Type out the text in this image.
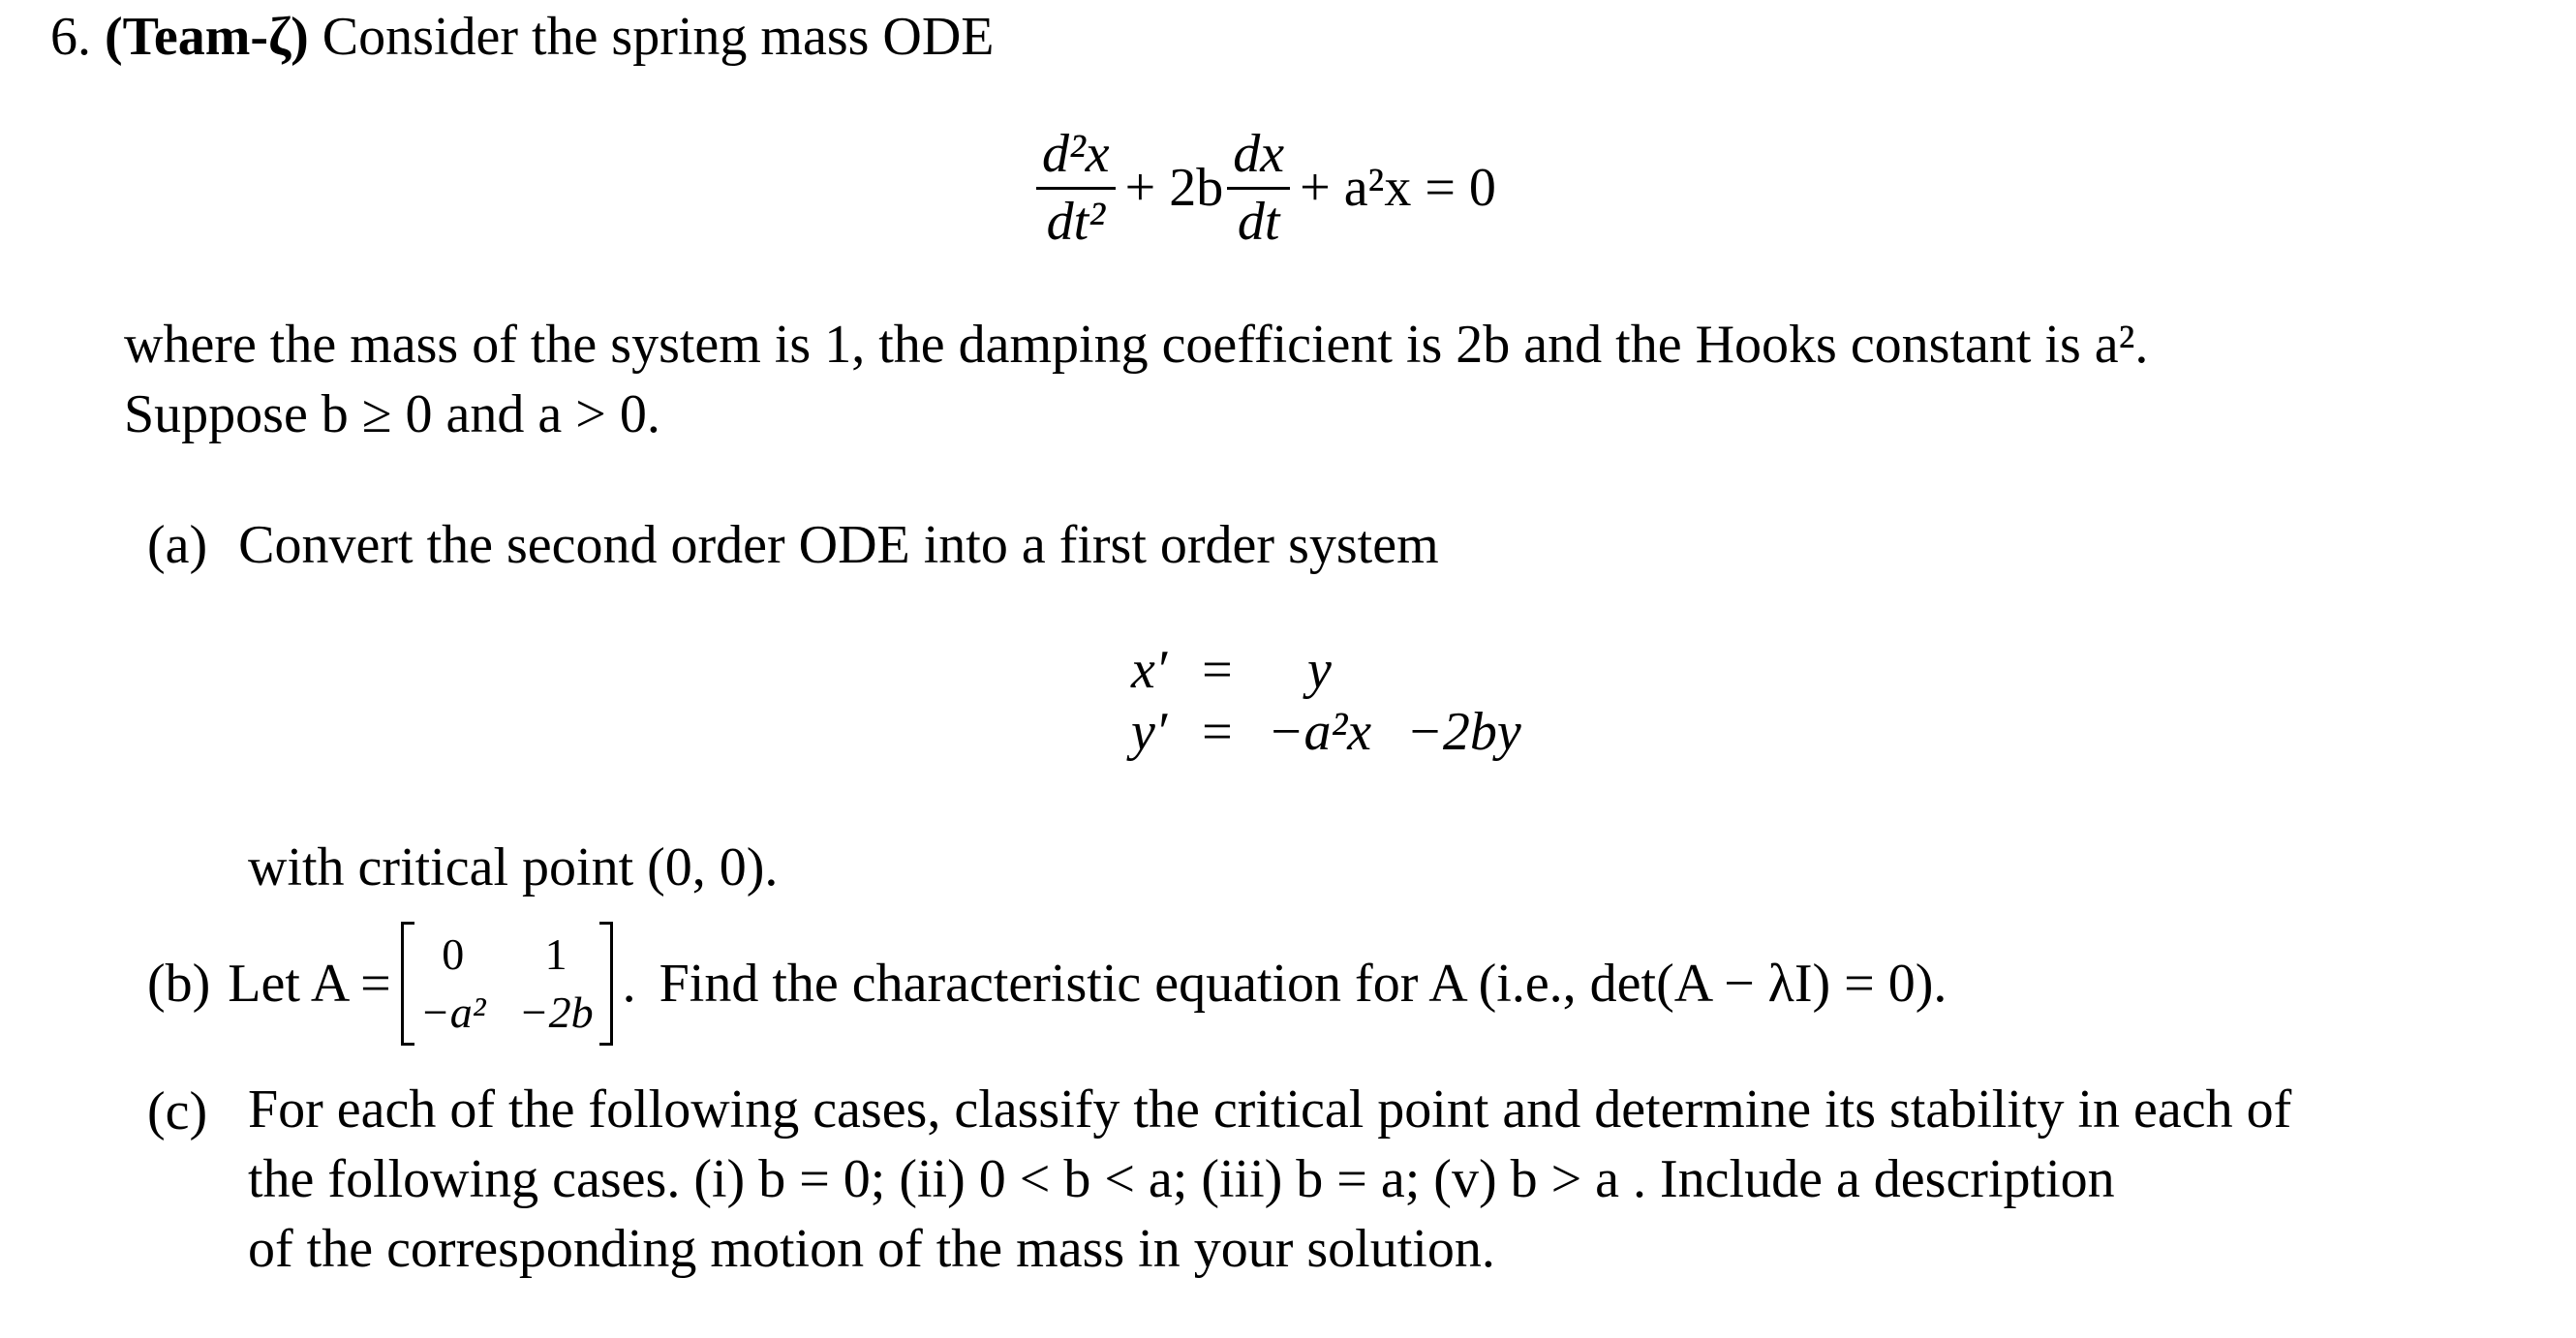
6. (Team-ζ) Consider the spring mass ODE
$\frac{\text{d²x}}{\text{dt²}} + 2b \frac{dx}{dt} + a^2x = 0$
where the mass of the system is 1, the damping coefficient is 2b and the Hooks constant is a².
Suppose b ≥ 0 and a > 0.
(a) Convert the second order ODE into a first order system
x′	=	y	
y′	=	−a²x	−2by
with critical point (0, 0).
(b) Let A =	0	1
−a² −2b . Find the characteristic equation for A (i.e., det(A − λI) = 0).
(c) For each of the following cases, classify the critical point and determine its stability in each of
the following cases. (i) b = 0; (ii) 0 < b < a; (iii) b = a; (v) b > a . Include a description
of the corresponding motion of the mass in your solution.
